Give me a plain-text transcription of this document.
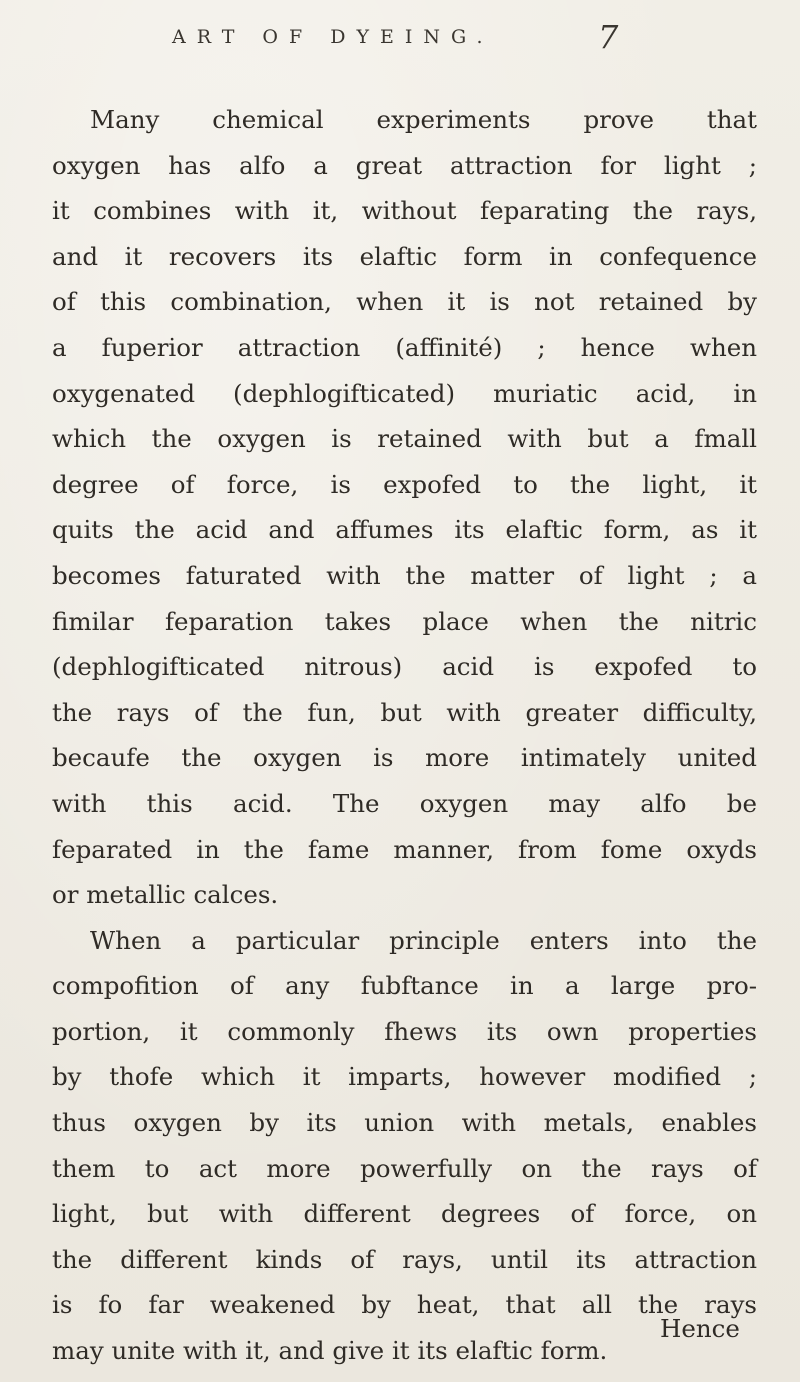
ART OF DYEING.	7
Many chemical experiments prove that
oxygen has alfo a great attraction for light ;
it combines with it, without feparating the rays,
and it recovers its elaftic form in confequence
of this combination, when it is not retained by
a fuperior attraction (affinité) ; hence when
oxygenated (dephlogifticated) muriatic acid, in
which the oxygen is retained with but a fmall
degree of force, is expofed to the light, it
quits the acid and affumes its elaftic form, as it
becomes faturated with the matter of light ; a
fimilar feparation takes place when the nitric
(dephlogifticated nitrous) acid is expofed to
the rays of the fun, but with greater difficulty,
becaufe the oxygen is more intimately united
with this acid. The oxygen may alfo be
feparated in the fame manner, from fome oxyds
or metallic calces.
When a particular principle enters into the
compofition of any fubftance in a large pro-
portion, it commonly fhews its own properties
by thofe which it imparts, however modified ;
thus oxygen by its union with metals, enables
them to act more powerfully on the rays of
light, but with different degrees of force, on
the different kinds of rays, until its attraction
is fo far weakened by heat, that all the rays
may unite with it, and give it its elaftic form.
Hence
